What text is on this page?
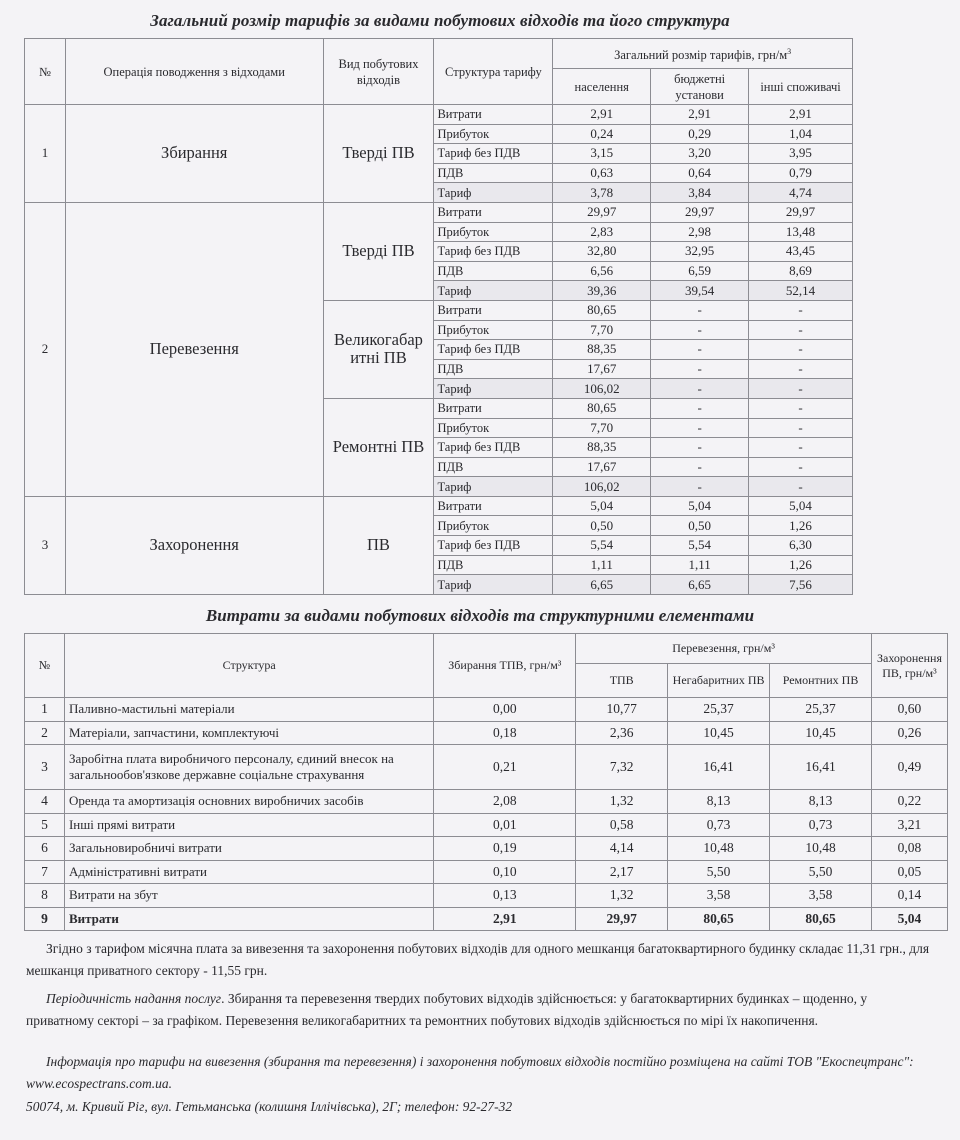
Загальний розмір тарифів за видами побутових відходів та його структура
№	Операція поводження з відходами	Вид побутових відходів	Структура тарифу	Загальний розмір тарифів, грн/$м^3$
				населення	бюджетні установи	інші споживачі
1	Збирання	Тверді ПВ	Витрати	2,91	2,91	2,91
			Прибуток	0,24	0,29	1,04
			Тариф без ПДВ	3,15	3,20	3,95
			ПДВ	0,63	0,64	0,79
			Тариф	3,78	3,84	4,74
2	Перевезення	Тверді ПВ	Витрати	29,97	29,97	29,97
			Прибуток	2,83	2,98	13,48
			Тариф без ПДВ	32,80	32,95	43,45
			ПДВ	6,56	6,59	8,69
			Тариф	39,36	39,54	52,14
		Великогабар итні ПВ	Витрати	80,65	-	-
			Прибуток	7,70	-	-
			Тариф без ПДВ	88,35	-	-
			ПДВ	17,67	-	-
			Тариф	106,02	-	-
		Ремонтні ПВ	Витрати	80,65	-	-
			Прибуток	7,70	-	-
			Тариф без ПДВ	88,35	-	-
			ПДВ	17,67	-	-
			Тариф	106,02	-	-
3	Захоронення	ПВ	Витрати	5,04	5,04	5,04
			Прибуток	0,50	0,50	1,26
			Тариф без ПДВ	5,54	5,54	6,30
			ПДВ	1,11	1,11	1,26
			Тариф	6,65	6,65	7,56
Витрати за видами побутових відходів та структурними елементами
№	Структура	Збирання ТПВ, грн/м³	Перевезення, грн/м³			Захоронення ПВ, грн/м³
			ТПВ	Негабаритних ПВ	Ремонтних ПВ	
1	Паливно-мастильні матеріали	0,00	10,77	25,37	25,37	0,60
2	Матеріали, запчастини, комплектуючі	0,18	2,36	10,45	10,45	0,26
3	Заробітна плата виробничого персоналу, єдиний внесок на загальнообов'язкове державне соціальне страхування	0,21	7,32	16,41	16,41	0,49
4	Оренда та амортизація основних виробничих засобів	2,08	1,32	8,13	8,13	0,22
5	Інші прямі витрати	0,01	0,58	0,73	0,73	3,21
6	Загальновиробничі витрати	0,19	4,14	10,48	10,48	0,08
7	Адміністративні витрати	0,10	2,17	5,50	5,50	0,05
8	Витрати на збут	0,13	1,32	3,58	3,58	0,14
9	Витрати	2,91	29,97	80,65	80,65	5,04
Згідно з тарифом місячна плата за вивезення та захоронення побутових відходів для одного мешканця багатоквартирного будинку складає 11,31 грн., для мешканця приватного сектору - 11,55 грн.
Періодичність надання послуг. Збирання та перевезення твердих побутових відходів здійснюється: у багатоквартирних будинках – щоденно, у приватному секторі – за графіком. Перевезення великогабаритних та ремонтних побутових відходів здійснюється по мірі їх накопичення.
Інформація про тарифи на вивезення (збирання та перевезення) і захоронення побутових відходів постійно розміщена на сайті ТОВ "Екоспецтранс": www.ecospectrans.com.ua.
50074, м. Кривий Ріг, вул. Гетьманська (колишня Іллічівська), 2Г; телефон: 92-27-32
